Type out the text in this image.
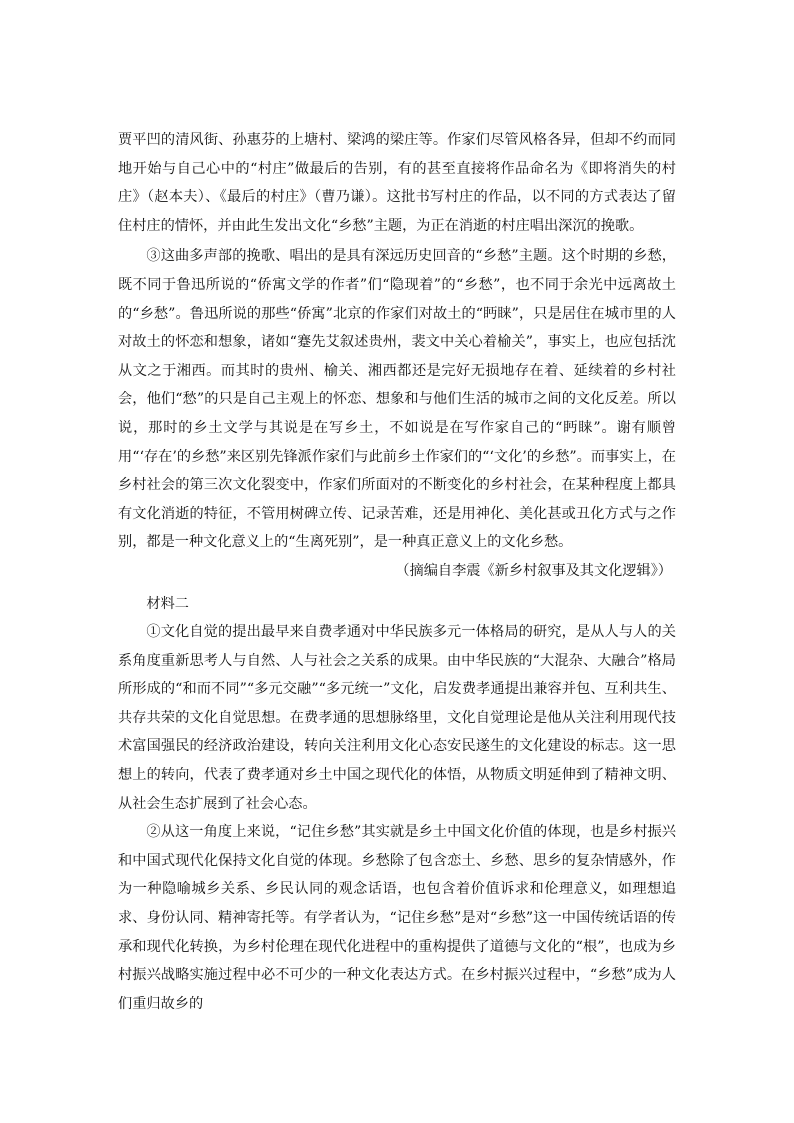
贾平凹的清风街、孙惠芬的上塘村、梁鸿的梁庄等。作家们尽管风格各异，但却不约而同地开始与自己心中的“村庄”做最后的告别，有的甚至直接将作品命名为《即将消失的村庄》（赵本夫）、《最后的村庄》（曹乃谦）。这批书写村庄的作品，以不同的方式表达了留住村庄的情怀，并由此生发出文化“乡愁”主题，为正在消逝的村庄唱出深沉的挽歌。

③这曲多声部的挽歌、唱出的是具有深远历史回音的“乡愁”主题。这个时期的乡愁，既不同于鲁迅所说的“侨寓文学的作者”们“隐现着”的“乡愁”，也不同于余光中远离故土的“乡愁”。鲁迅所说的那些“侨寓”北京的作家们对故土的“眄睐”，只是居住在城市里的人对故土的怀恋和想象，诸如“蹇先艾叙述贵州，裴文中关心着榆关”，事实上，也应包括沈从文之于湘西。而其时的贵州、榆关、湘西都还是完好无损地存在着、延续着的乡村社会，他们“愁”的只是自己主观上的怀恋、想象和与他们生活的城市之间的文化反差。所以说，那时的乡土文学与其说是在写乡土，不如说是在写作家自己的“眄睐”。谢有顺曾用“‘存在’的乡愁”来区别先锋派作家们与此前乡土作家们的“‘文化’的乡愁”。而事实上，在乡村社会的第三次文化裂变中，作家们所面对的不断变化的乡村社会，在某种程度上都具有文化消逝的特征，不管用树碑立传、记录苦难，还是用神化、美化甚或丑化方式与之作别，都是一种文化意义上的“生离死别”，是一种真正意义上的文化乡愁。

（摘编自李震《新乡村叙事及其文化逻辑》）

材料二

①文化自觉的提出最早来自费孝通对中华民族多元一体格局的研究，是从人与人的关系角度重新思考人与自然、人与社会之关系的成果。由中华民族的“大混杂、大融合”格局所形成的“和而不同”“多元交融”“多元统一”文化，启发费孝通提出兼容并包、互利共生、共存共荣的文化自觉思想。在费孝通的思想脉络里，文化自觉理论是他从关注利用现代技术富国强民的经济政治建设，转向关注利用文化心态安民遂生的文化建设的标志。这一思想上的转向，代表了费孝通对乡土中国之现代化的体悟，从物质文明延伸到了精神文明、从社会生态扩展到了社会心态。

②从这一角度上来说，“记住乡愁”其实就是乡土中国文化价值的体现，也是乡村振兴和中国式现代化保持文化自觉的体现。乡愁除了包含恋土、乡愁、思乡的复杂情感外，作为一种隐喻城乡关系、乡民认同的观念话语，也包含着价值诉求和伦理意义，如理想追求、身份认同、精神寄托等。有学者认为，“记住乡愁”是对“乡愁”这一中国传统话语的传承和现代化转换，为乡村伦理在现代化进程中的重构提供了道德与文化的“根”，也成为乡村振兴战略实施过程中必不可少的一种文化表达方式。在乡村振兴过程中，“乡愁”成为人们重归故乡的
